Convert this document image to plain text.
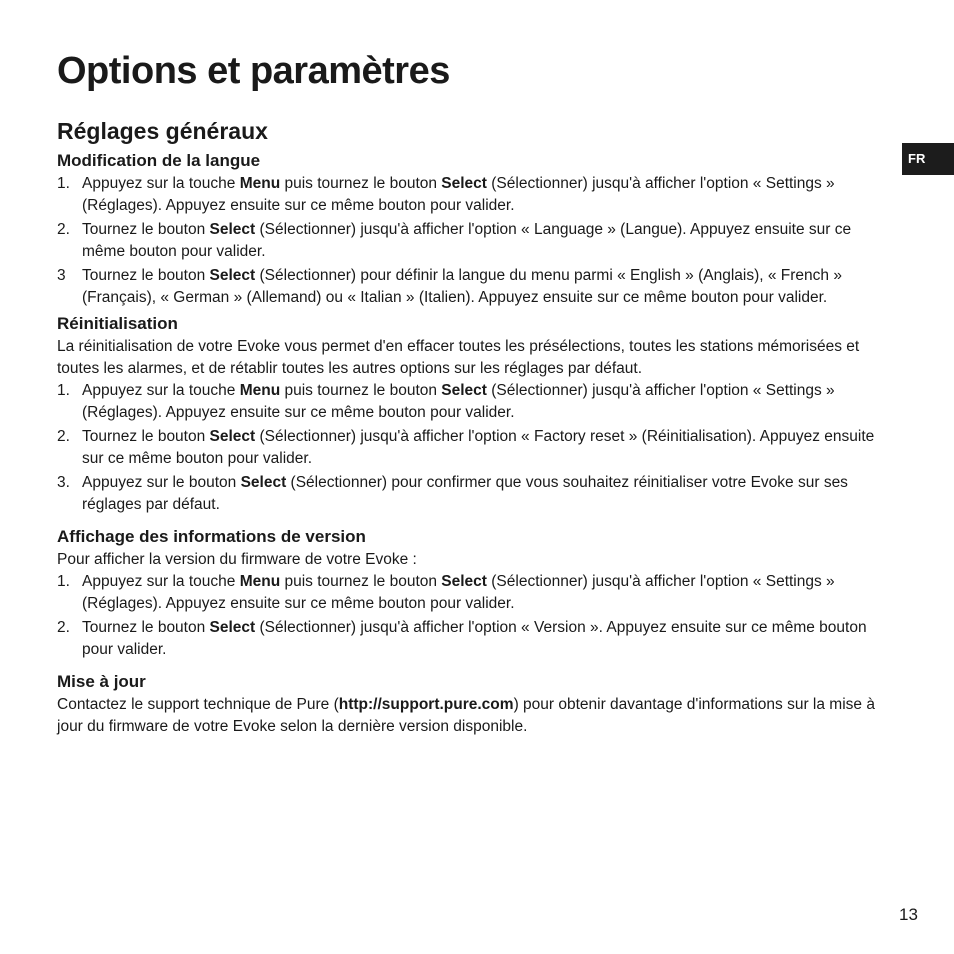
Options et paramètres
Réglages généraux
FR
Modification de la langue
1. Appuyez sur la touche Menu puis tournez le bouton Select (Sélectionner) jusqu'à afficher l'option « Settings » (Réglages). Appuyez ensuite sur ce même bouton pour valider.
2. Tournez le bouton Select (Sélectionner) jusqu'à afficher l'option « Language » (Langue). Appuyez ensuite sur ce même bouton pour valider.
3 Tournez le bouton Select (Sélectionner) pour définir la langue du menu parmi « English » (Anglais), « French » (Français), « German » (Allemand) ou « Italian » (Italien). Appuyez ensuite sur ce même bouton pour valider.
Réinitialisation

La réinitialisation de votre Evoke vous permet d'en effacer toutes les présélections, toutes les stations mémorisées et toutes les alarmes, et de rétablir toutes les autres options sur les réglages par défaut.

1. Appuyez sur la touche Menu puis tournez le bouton Select (Sélectionner) jusqu'à afficher l'option « Settings » (Réglages). Appuyez ensuite sur ce même bouton pour valider.
2. Tournez le bouton Select (Sélectionner) jusqu'à afficher l'option « Factory reset » (Réinitialisation). Appuyez ensuite sur ce même bouton pour valider.
3. Appuyez sur le bouton Select (Sélectionner) pour confirmer que vous souhaitez réinitialiser votre Evoke sur ses réglages par défaut.
Affichage des informations de version

Pour afficher la version du firmware de votre Evoke :

1. Appuyez sur la touche Menu puis tournez le bouton Select (Sélectionner) jusqu'à afficher l'option « Settings » (Réglages). Appuyez ensuite sur ce même bouton pour valider.
2. Tournez le bouton Select (Sélectionner) jusqu'à afficher l'option « Version ». Appuyez ensuite sur ce même bouton pour valider.
Mise à jour

Contactez le support technique de Pure (http://support.pure.com) pour obtenir davantage d'informations sur la mise à jour du firmware de votre Evoke selon la dernière version disponible.

13
